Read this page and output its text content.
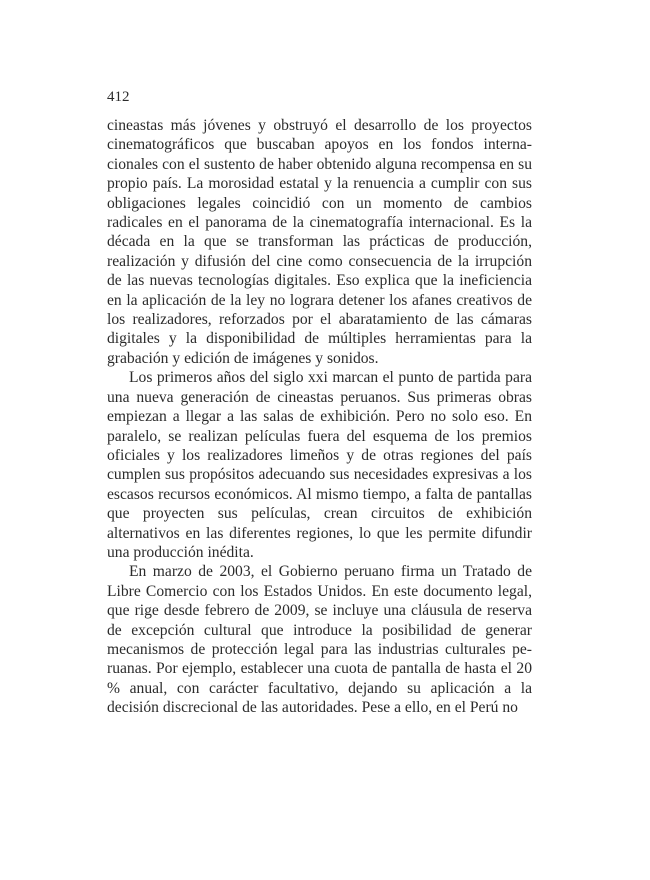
412

cineastas más jóvenes y obstruyó el desarrollo de los proyectos cinematográficos que buscaban apoyos en los fondos internacionales con el sustento de haber obtenido alguna recompensa en su propio país. La morosidad estatal y la renuencia a cumplir con sus obligaciones legales coincidió con un momento de cambios radicales en el panorama de la cinematografía internacional. Es la década en la que se transforman las prácticas de producción, realización y difusión del cine como consecuencia de la irrupción de las nuevas tecnologías digitales. Eso explica que la ineficiencia en la aplicación de la ley no lograra detener los afanes creativos de los realizadores, reforzados por el abaratamiento de las cámaras digitales y la disponibilidad de múltiples herramientas para la grabación y edición de imágenes y sonidos.

Los primeros años del siglo xxi marcan el punto de partida para una nueva generación de cineastas peruanos. Sus primeras obras empiezan a llegar a las salas de exhibición. Pero no solo eso. En paralelo, se realizan películas fuera del esquema de los premios oficiales y los realizadores limeños y de otras regiones del país cumplen sus propósitos adecuando sus necesidades expresivas a los escasos recursos económicos. Al mismo tiempo, a falta de pantallas que proyecten sus películas, crean circuitos de exhibición alternativos en las diferentes regiones, lo que les permite difundir una producción inédita.

En marzo de 2003, el Gobierno peruano firma un Tratado de Libre Comercio con los Estados Unidos. En este documento legal, que rige desde febrero de 2009, se incluye una cláusula de reserva de excepción cultural que introduce la posibilidad de generar mecanismos de protección legal para las industrias culturales peruanas. Por ejemplo, establecer una cuota de pantalla de hasta el 20 % anual, con carácter facultativo, dejando su aplicación a la decisión discrecional de las autoridades. Pese a ello, en el Perú no
